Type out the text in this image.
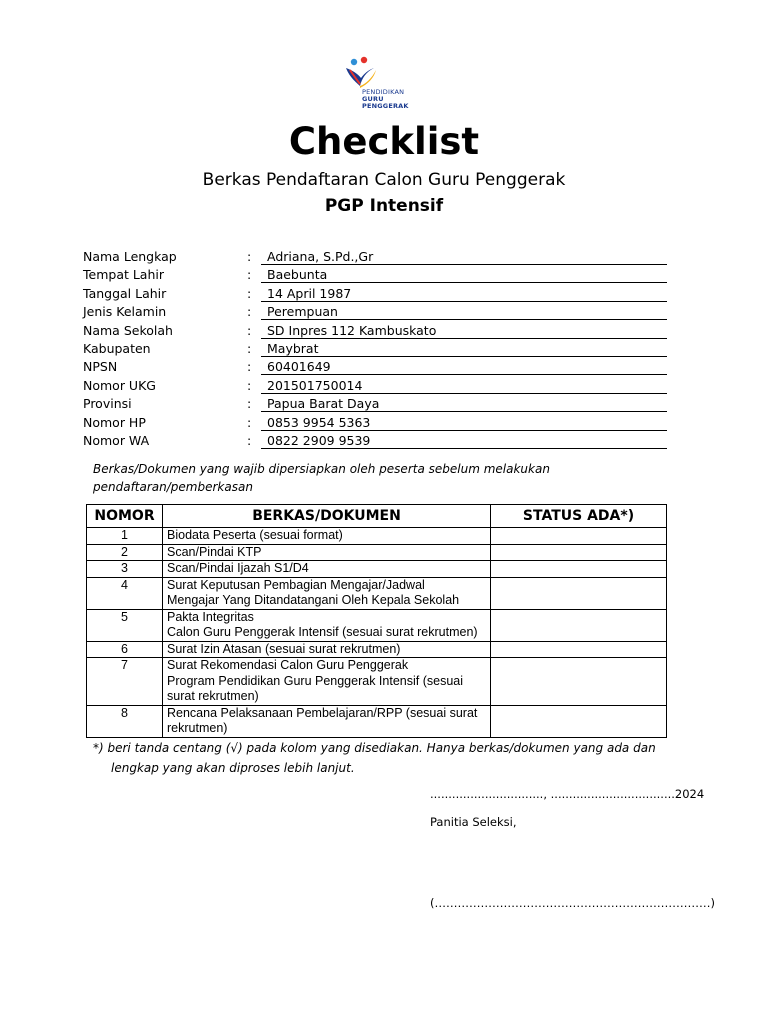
PENDIDIKAN
GURU
PENGGERAK
Checklist
Berkas Pendaftaran Calon Guru Penggerak
PGP Intensif
Nama Lengkap	:	Adriana, S.Pd.,Gr
Tempat Lahir	:	Baebunta
Tanggal Lahir	:	14 April 1987
Jenis Kelamin	:	Perempuan
Nama Sekolah	:	SD Inpres 112 Kambuskato
Kabupaten	:	Maybrat
NPSN	:	60401649
Nomor UKG	:	201501750014
Provinsi	:	Papua Barat Daya
Nomor HP	:	0853 9954 5363
Nomor WA	:	0822 2909 9539
Berkas/Dokumen yang wajib dipersiapkan oleh peserta sebelum melakukan pendaftaran/pemberkasan
NOMOR	BERKAS/DOKUMEN	STATUS ADA*)
1	Biodata Peserta (sesuai format)	

2	Scan/Pindai KTP	

3	Scan/Pindai Ijazah S1/D4	

4	Surat Keputusan Pembagian Mengajar/Jadwal
Mengajar Yang Ditandatangani Oleh Kepala Sekolah	

5	Pakta Integritas
Calon Guru Penggerak Intensif (sesuai surat rekrutmen)	

6	Surat Izin Atasan (sesuai surat rekrutmen)	

7	Surat Rekomendasi Calon Guru Penggerak
Program Pendidikan Guru Penggerak Intensif (sesuai
surat rekrutmen)	

8	Rencana Pelaksanaan Pembelajaran/RPP (sesuai surat
rekrutmen)	

*) beri tanda centang (√) pada kolom yang disediakan. Hanya berkas/dokumen yang ada dan
lengkap yang akan diproses lebih lanjut.
..............................., ..................................2024
Panitia Seleksi,
(………………………………………………………………)
